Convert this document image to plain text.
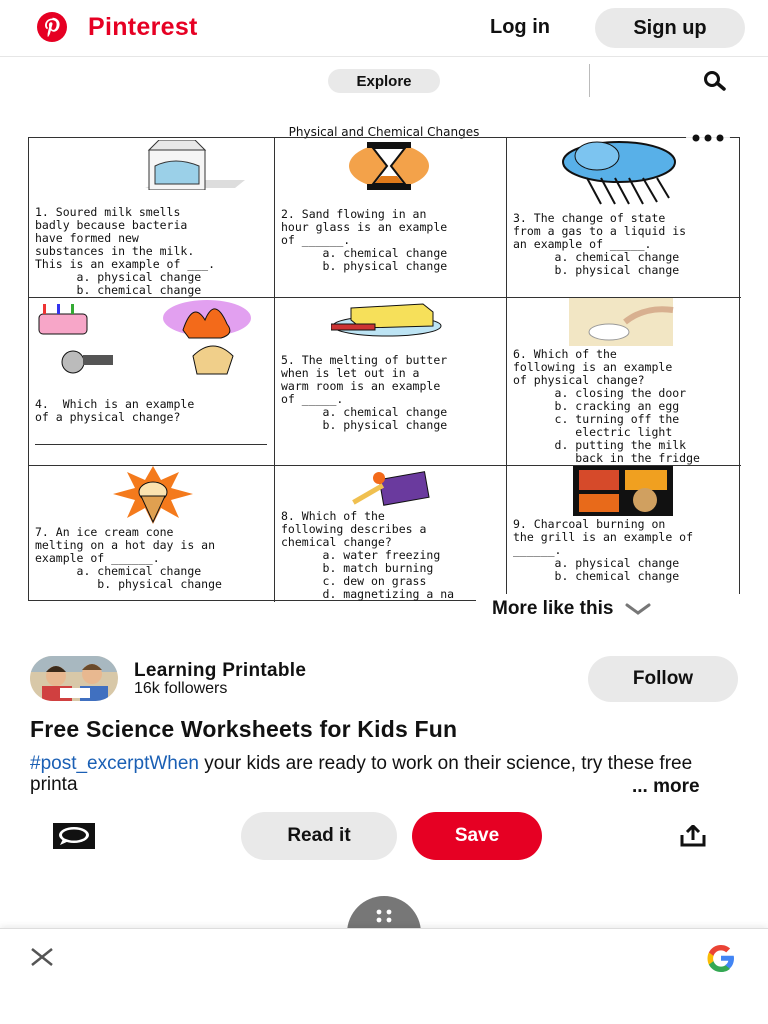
Pinterest	Log in	Sign up
Explore
Physical and Chemical Changes
1. Soured milk smells
badly because bacteria
have formed new
substances in the milk.
This is an example of ___.
a. physical change
b. chemical change
2. Sand flowing in an
hour glass is an example
of ______.
a. chemical change
b. physical change
3. The change of state
from a gas to a liquid is
an example of _____.
a. chemical change
b. physical change
4.  Which is an example
of a physical change?
5. The melting of butter
when is let out in a
warm room is an example
of _____.
a. chemical change
b. physical change
6. Which of the
following is an example
of physical change?
a. closing the door
b. cracking an egg
c. turning off the
electric light
d. putting the milk
back in the fridge
7. An ice cream cone
melting on a hot day is an
example of ______.
a. chemical change
b. physical change
8. Which of the
following describes a
chemical change?
a. water freezing
b. match burning
c. dew on grass
d. magnetizing a na
9. Charcoal burning on
the grill is an example of
______.
a. physical change
b. chemical change
More like this
Learning Printable
16k followers	Follow
Free Science Worksheets for Kids Fun
#post_excerptWhen your kids are ready to work on their science, try these free printa	... more
Read it	Save
